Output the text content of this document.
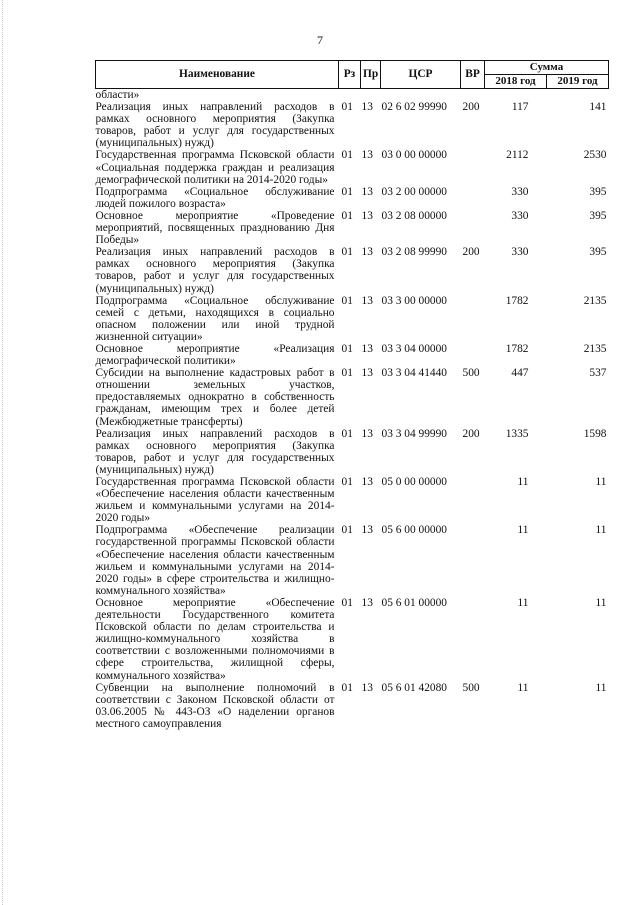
7
Наименование	Рз	Пр	ЦСР	ВР	Сумма	
					2018 год	2019 год
области»						
Реализация иных направлений расходов в рамках основного мероприятия (Закупка товаров, работ и услуг для государственных (муниципальных) нужд)	01	13	02 6 02 99990	200	117	141
Государственная программа Псковской области «Социальная поддержка граждан и реализация демографической политики на 2014-2020 годы»	01	13	03 0 00 00000		2112	2530
Подпрограмма «Социальное обслуживание людей пожилого возраста»	01	13	03 2 00 00000		330	395
Основное мероприятие «Проведение мероприятий, посвященных празднованию Дня Победы»	01	13	03 2 08 00000		330	395
Реализация иных направлений расходов в рамках основного мероприятия (Закупка товаров, работ и услуг для государственных (муниципальных) нужд)	01	13	03 2 08 99990	200	330	395
Подпрограмма «Социальное обслуживание семей с детьми, находящихся в социально опасном положении или иной трудной жизненной ситуации»	01	13	03 3 00 00000		1782	2135
Основное мероприятие «Реализация демографической политики»	01	13	03 3 04 00000		1782	2135
Субсидии на выполнение кадастровых работ в отношении земельных участков, предоставляемых однократно в собственность гражданам, имеющим трех и более детей (Межбюджетные трансферты)	01	13	03 3 04 41440	500	447	537
Реализация иных направлений расходов в рамках основного мероприятия (Закупка товаров, работ и услуг для государственных (муниципальных) нужд)	01	13	03 3 04 99990	200	1335	1598
Государственная программа Псковской области «Обеспечение населения области качественным жильем и коммунальными услугами на 2014-2020 годы»	01	13	05 0 00 00000		11	11
Подпрограмма «Обеспечение реализации государственной программы Псковской области «Обеспечение населения области качественным жильем и коммунальными услугами на 2014-2020 годы» в сфере строительства и жилищно-коммунального хозяйства»	01	13	05 6 00 00000		11	11
Основное мероприятие «Обеспечение деятельности Государственного комитета Псковской области по делам строительства и жилищно-коммунального хозяйства в соответствии с возложенными полномочиями в сфере строительства, жилищной сферы, коммунального хозяйства»	01	13	05 6 01 00000		11	11
Субвенции на выполнение полномочий в соответствии с Законом Псковской области от 03.06.2005 № 443-ОЗ «О наделении органов местного самоуправления	01	13	05 6 01 42080	500	11	11
